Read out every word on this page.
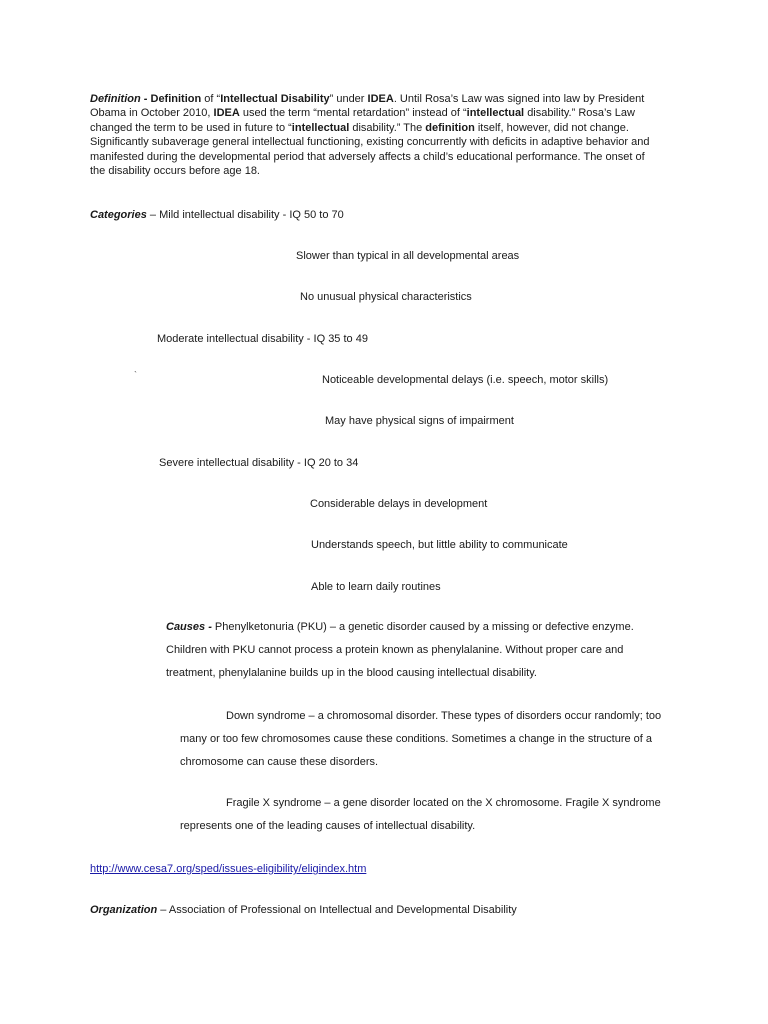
Definition - Definition of “Intellectual Disability” under IDEA. Until Rosa’s Law was signed into law by President
Obama in October 2010, IDEA used the term “mental retardation” instead of “intellectual disability.” Rosa’s Law
changed the term to be used in future to “intellectual disability.” The definition itself, however, did not change.
Significantly subaverage general intellectual functioning, existing concurrently with deficits in adaptive behavior and
manifested during the developmental period that adversely affects a child’s educational performance. The onset of
the disability occurs before age 18.
Categories – Mild intellectual disability - IQ 50 to 70
Slower than typical in all developmental areas
No unusual physical characteristics
Moderate intellectual disability - IQ 35 to 49
`	Noticeable developmental delays (i.e. speech, motor skills)
May have physical signs of impairment
Severe intellectual disability - IQ 20 to 34
Considerable delays in development
Understands speech, but little ability to communicate
Able to learn daily routines
Causes - Phenylketonuria (PKU) – a genetic disorder caused by a missing or defective enzyme.
Children with PKU cannot process a protein known as phenylalanine. Without proper care and
treatment, phenylalanine builds up in the blood causing intellectual disability.
Down syndrome – a chromosomal disorder. These types of disorders occur randomly; too
many or too few chromosomes cause these conditions. Sometimes a change in the structure of a
chromosome can cause these disorders.
Fragile X syndrome – a gene disorder located on the X chromosome. Fragile X syndrome
represents one of the leading causes of intellectual disability.
http://www.cesa7.org/sped/issues-eligibility/eligindex.htm
Organization – Association of Professional on Intellectual and Developmental Disability
